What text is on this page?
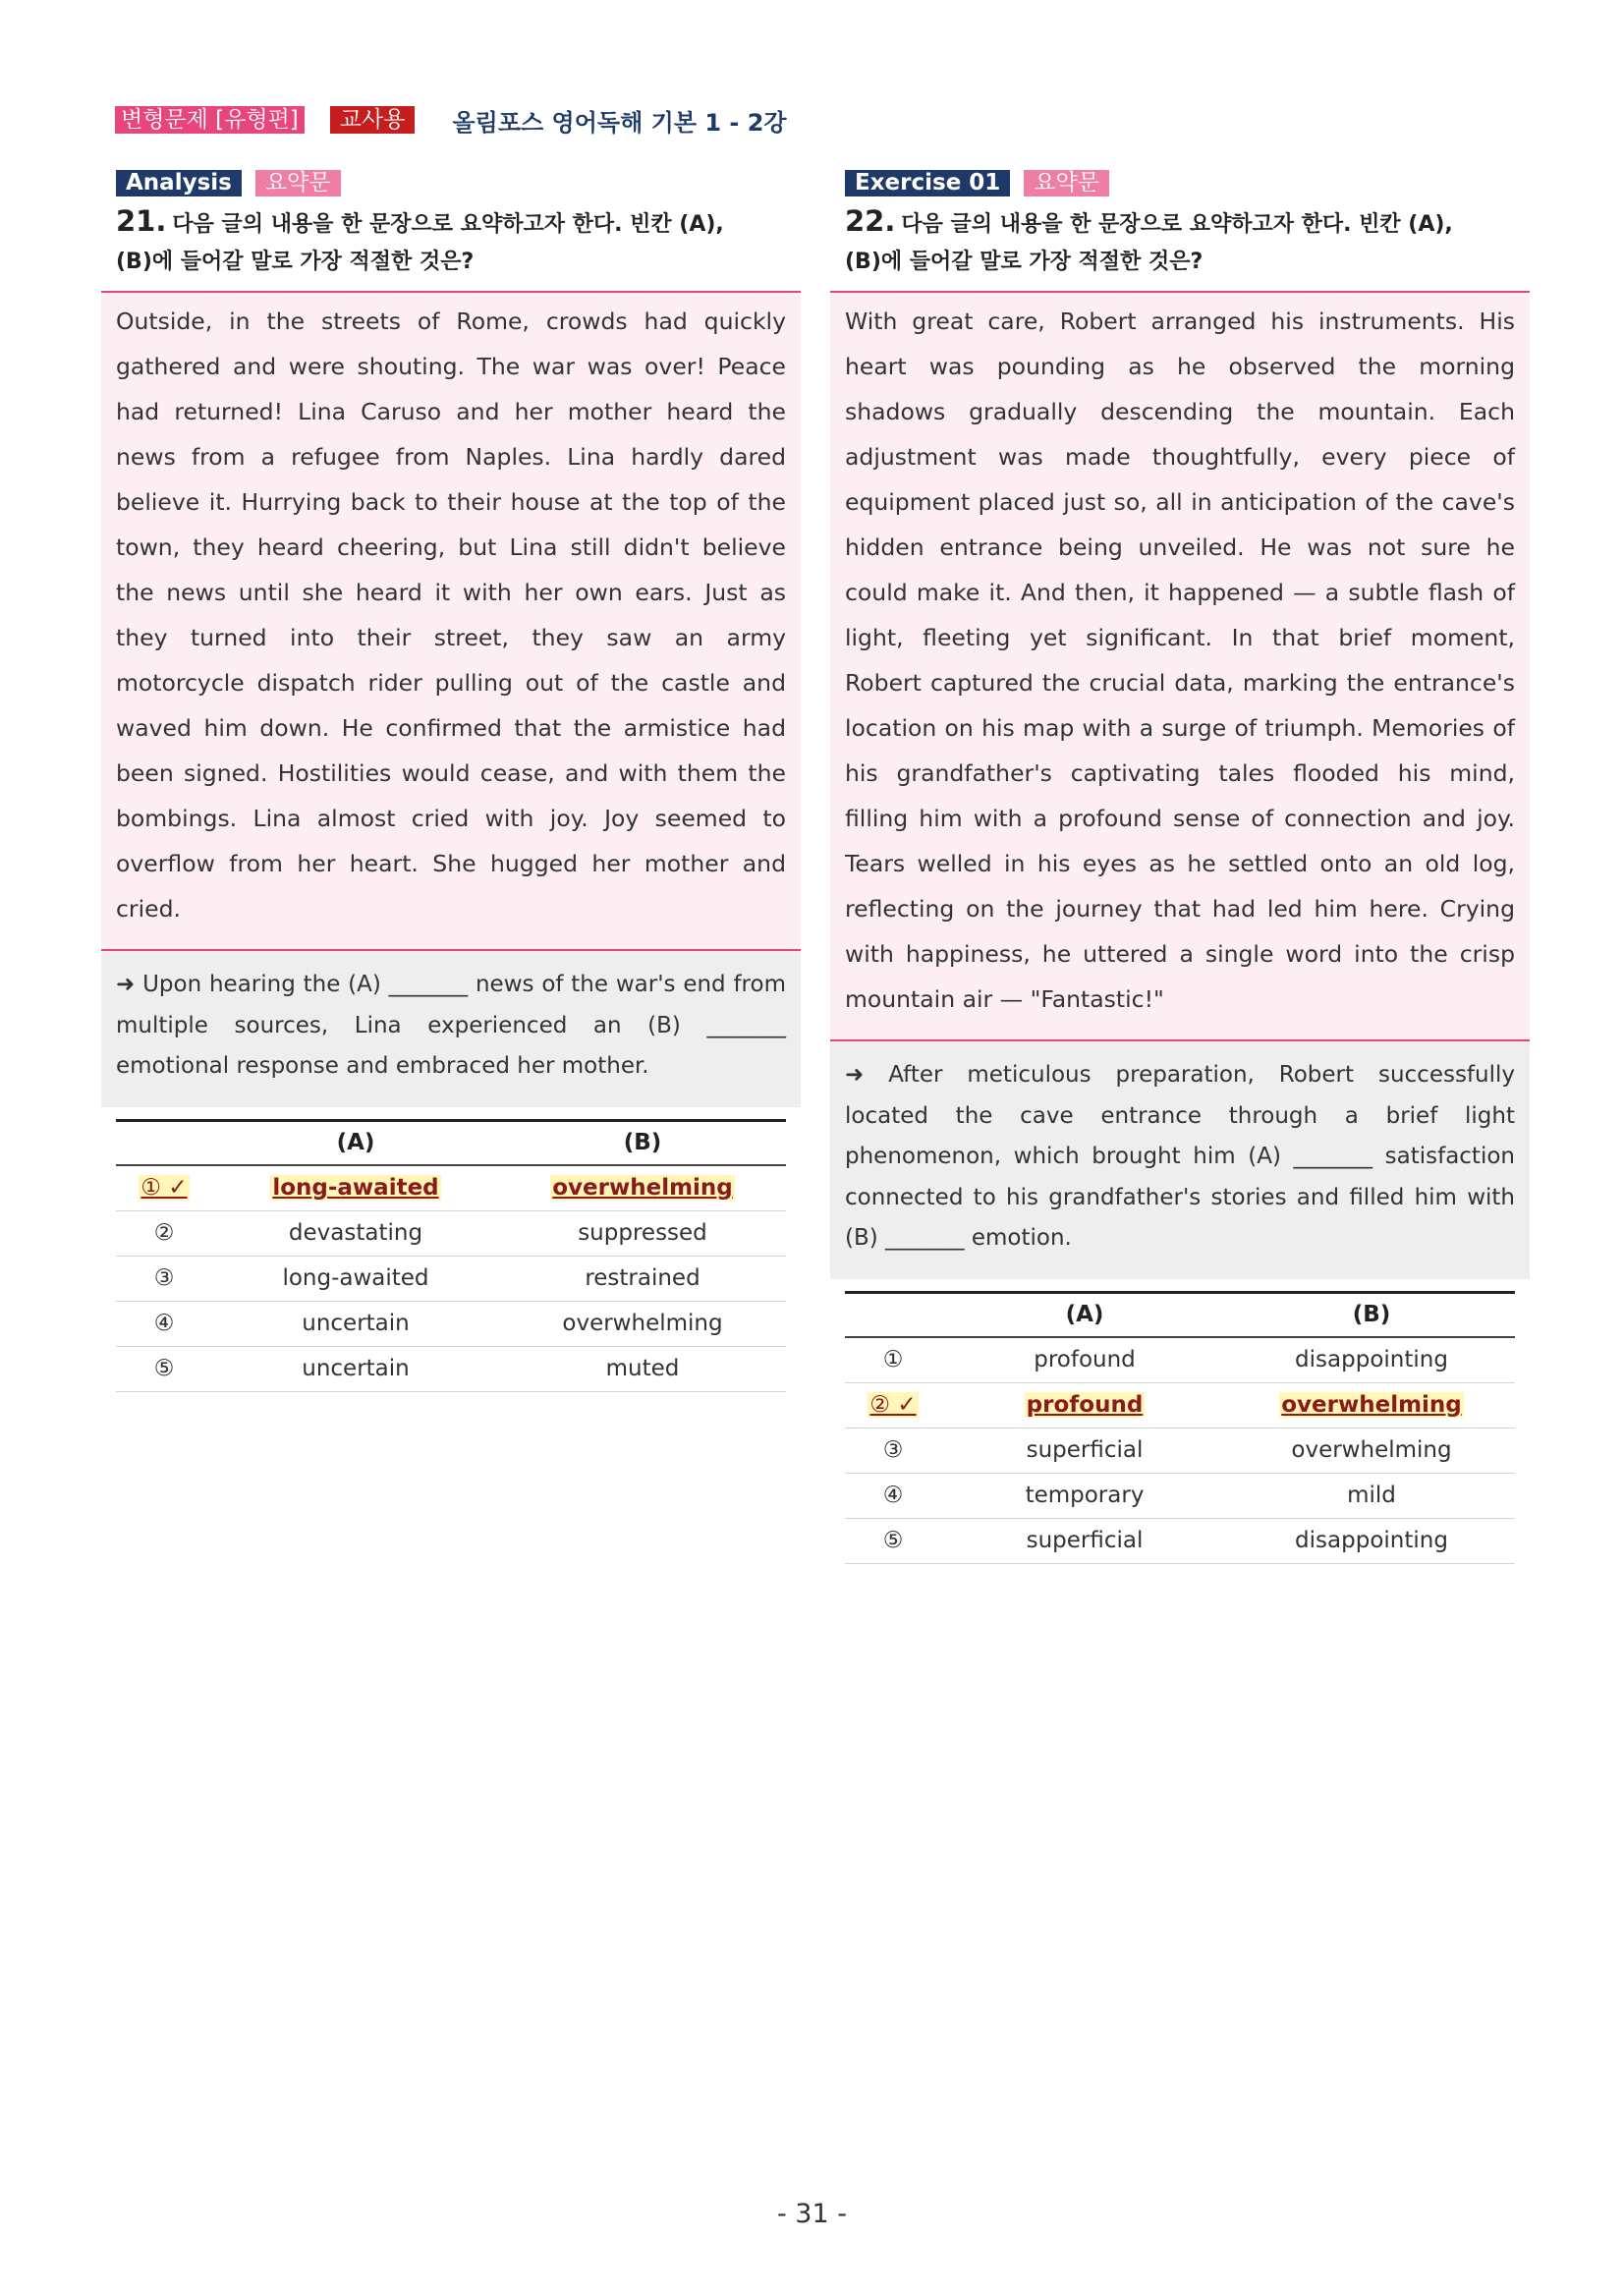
변형문제 [유형편]	교사용	올림포스 영어독해 기본 1 - 2강
Analysis	요약문
21. 다음 글의 내용을 한 문장으로 요약하고자 한다. 빈칸 (A),
(B)에 들어갈 말로 가장 적절한 것은?

Outside, in the streets of Rome, crowds had quickly gathered and were shouting. The war was over! Peace had returned! Lina Caruso and her mother heard the news from a refugee from Naples. Lina hardly dared believe it. Hurrying back to their house at the top of the town, they heard cheering, but Lina still didn't believe the news until she heard it with her own ears. Just as they turned into their street, they saw an army motorcycle dispatch rider pulling out of the castle and waved him down. He confirmed that the armistice had been signed. Hostilities would cease, and with them the bombings. Lina almost cried with joy. Joy seemed to overflow from her heart. She hugged her mother and cried.

➜ Upon hearing the (A) _______ news of the war's end from multiple sources, Lina experienced an (B) _______ emotional response and embraced her mother.

	(A)	(B)
① ✓	long-awaited	overwhelming
②	devastating	suppressed
③	long-awaited	restrained
④	uncertain	overwhelming
⑤	uncertain	muted
Exercise 01	요약문
22. 다음 글의 내용을 한 문장으로 요약하고자 한다. 빈칸 (A),
(B)에 들어갈 말로 가장 적절한 것은?

With great care, Robert arranged his instruments. His heart was pounding as he observed the morning shadows gradually descending the mountain. Each adjustment was made thoughtfully, every piece of equipment placed just so, all in anticipation of the cave's hidden entrance being unveiled. He was not sure he could make it. And then, it happened — a subtle flash of light, fleeting yet significant. In that brief moment, Robert captured the crucial data, marking the entrance's location on his map with a surge of triumph. Memories of his grandfather's captivating tales flooded his mind, filling him with a profound sense of connection and joy. Tears welled in his eyes as he settled onto an old log, reflecting on the journey that had led him here. Crying with happiness, he uttered a single word into the crisp mountain air — "Fantastic!"

➜ After meticulous preparation, Robert successfully located the cave entrance through a brief light phenomenon, which brought him (A) _______ satisfaction connected to his grandfather's stories and filled him with (B) _______ emotion.

	(A)	(B)
①	profound	disappointing
② ✓	profound	overwhelming
③	superficial	overwhelming
④	temporary	mild
⑤	superficial	disappointing
- 31 -
